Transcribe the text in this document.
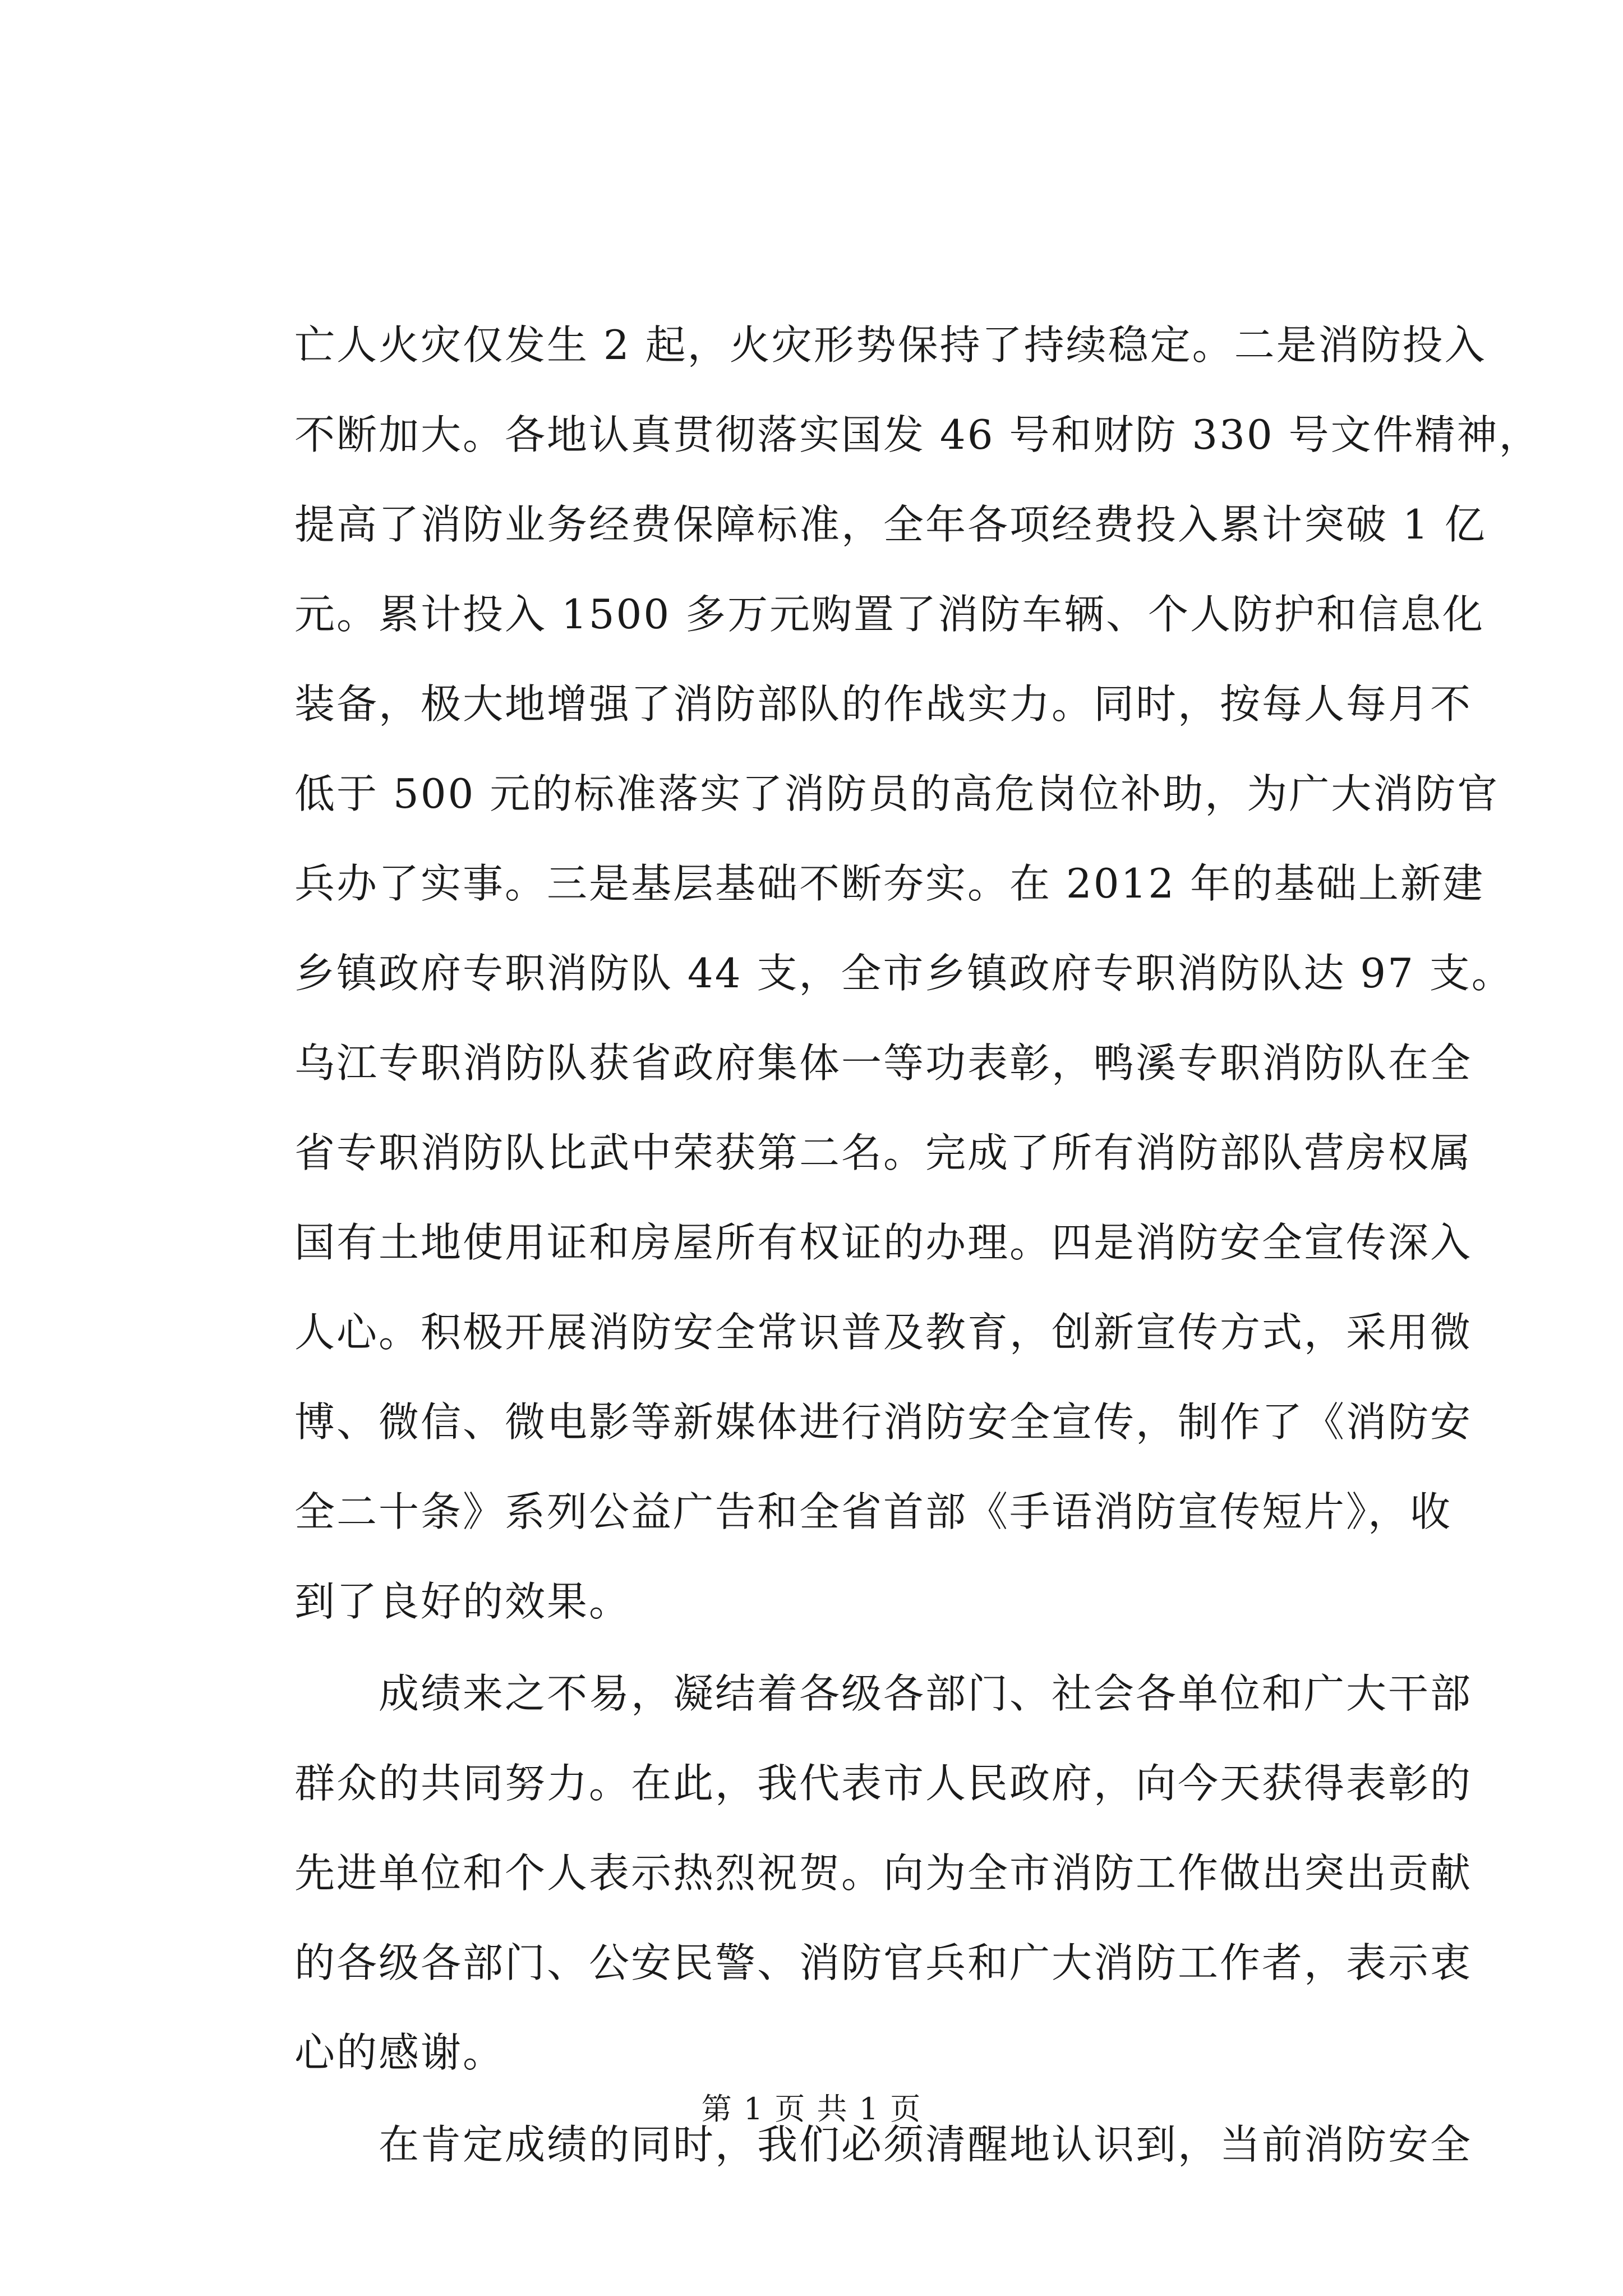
亡人火灾仅发生 2 起，火灾形势保持了持续稳定。二是消防投入
不断加大。各地认真贯彻落实国发 46 号和财防 330 号文件精神，
提高了消防业务经费保障标准，全年各项经费投入累计突破 1 亿
元。累计投入 1500 多万元购置了消防车辆、个人防护和信息化
装备，极大地增强了消防部队的作战实力。同时，按每人每月不
低于 500 元的标准落实了消防员的高危岗位补助，为广大消防官
兵办了实事。三是基层基础不断夯实。在 2012 年的基础上新建
乡镇政府专职消防队 44 支，全市乡镇政府专职消防队达 97 支。
乌江专职消防队获省政府集体一等功表彰，鸭溪专职消防队在全
省专职消防队比武中荣获第二名。完成了所有消防部队营房权属
国有土地使用证和房屋所有权证的办理。四是消防安全宣传深入
人心。积极开展消防安全常识普及教育，创新宣传方式，采用微
博、微信、微电影等新媒体进行消防安全宣传，制作了《消防安
全二十条》系列公益广告和全省首部《手语消防宣传短片》，收
到了良好的效果。
成绩来之不易，凝结着各级各部门、社会各单位和广大干部
群众的共同努力。在此，我代表市人民政府，向今天获得表彰的
先进单位和个人表示热烈祝贺。向为全市消防工作做出突出贡献
的各级各部门、公安民警、消防官兵和广大消防工作者，表示衷
心的感谢。
在肯定成绩的同时，我们必须清醒地认识到，当前消防安全
第 1 页 共 1 页
